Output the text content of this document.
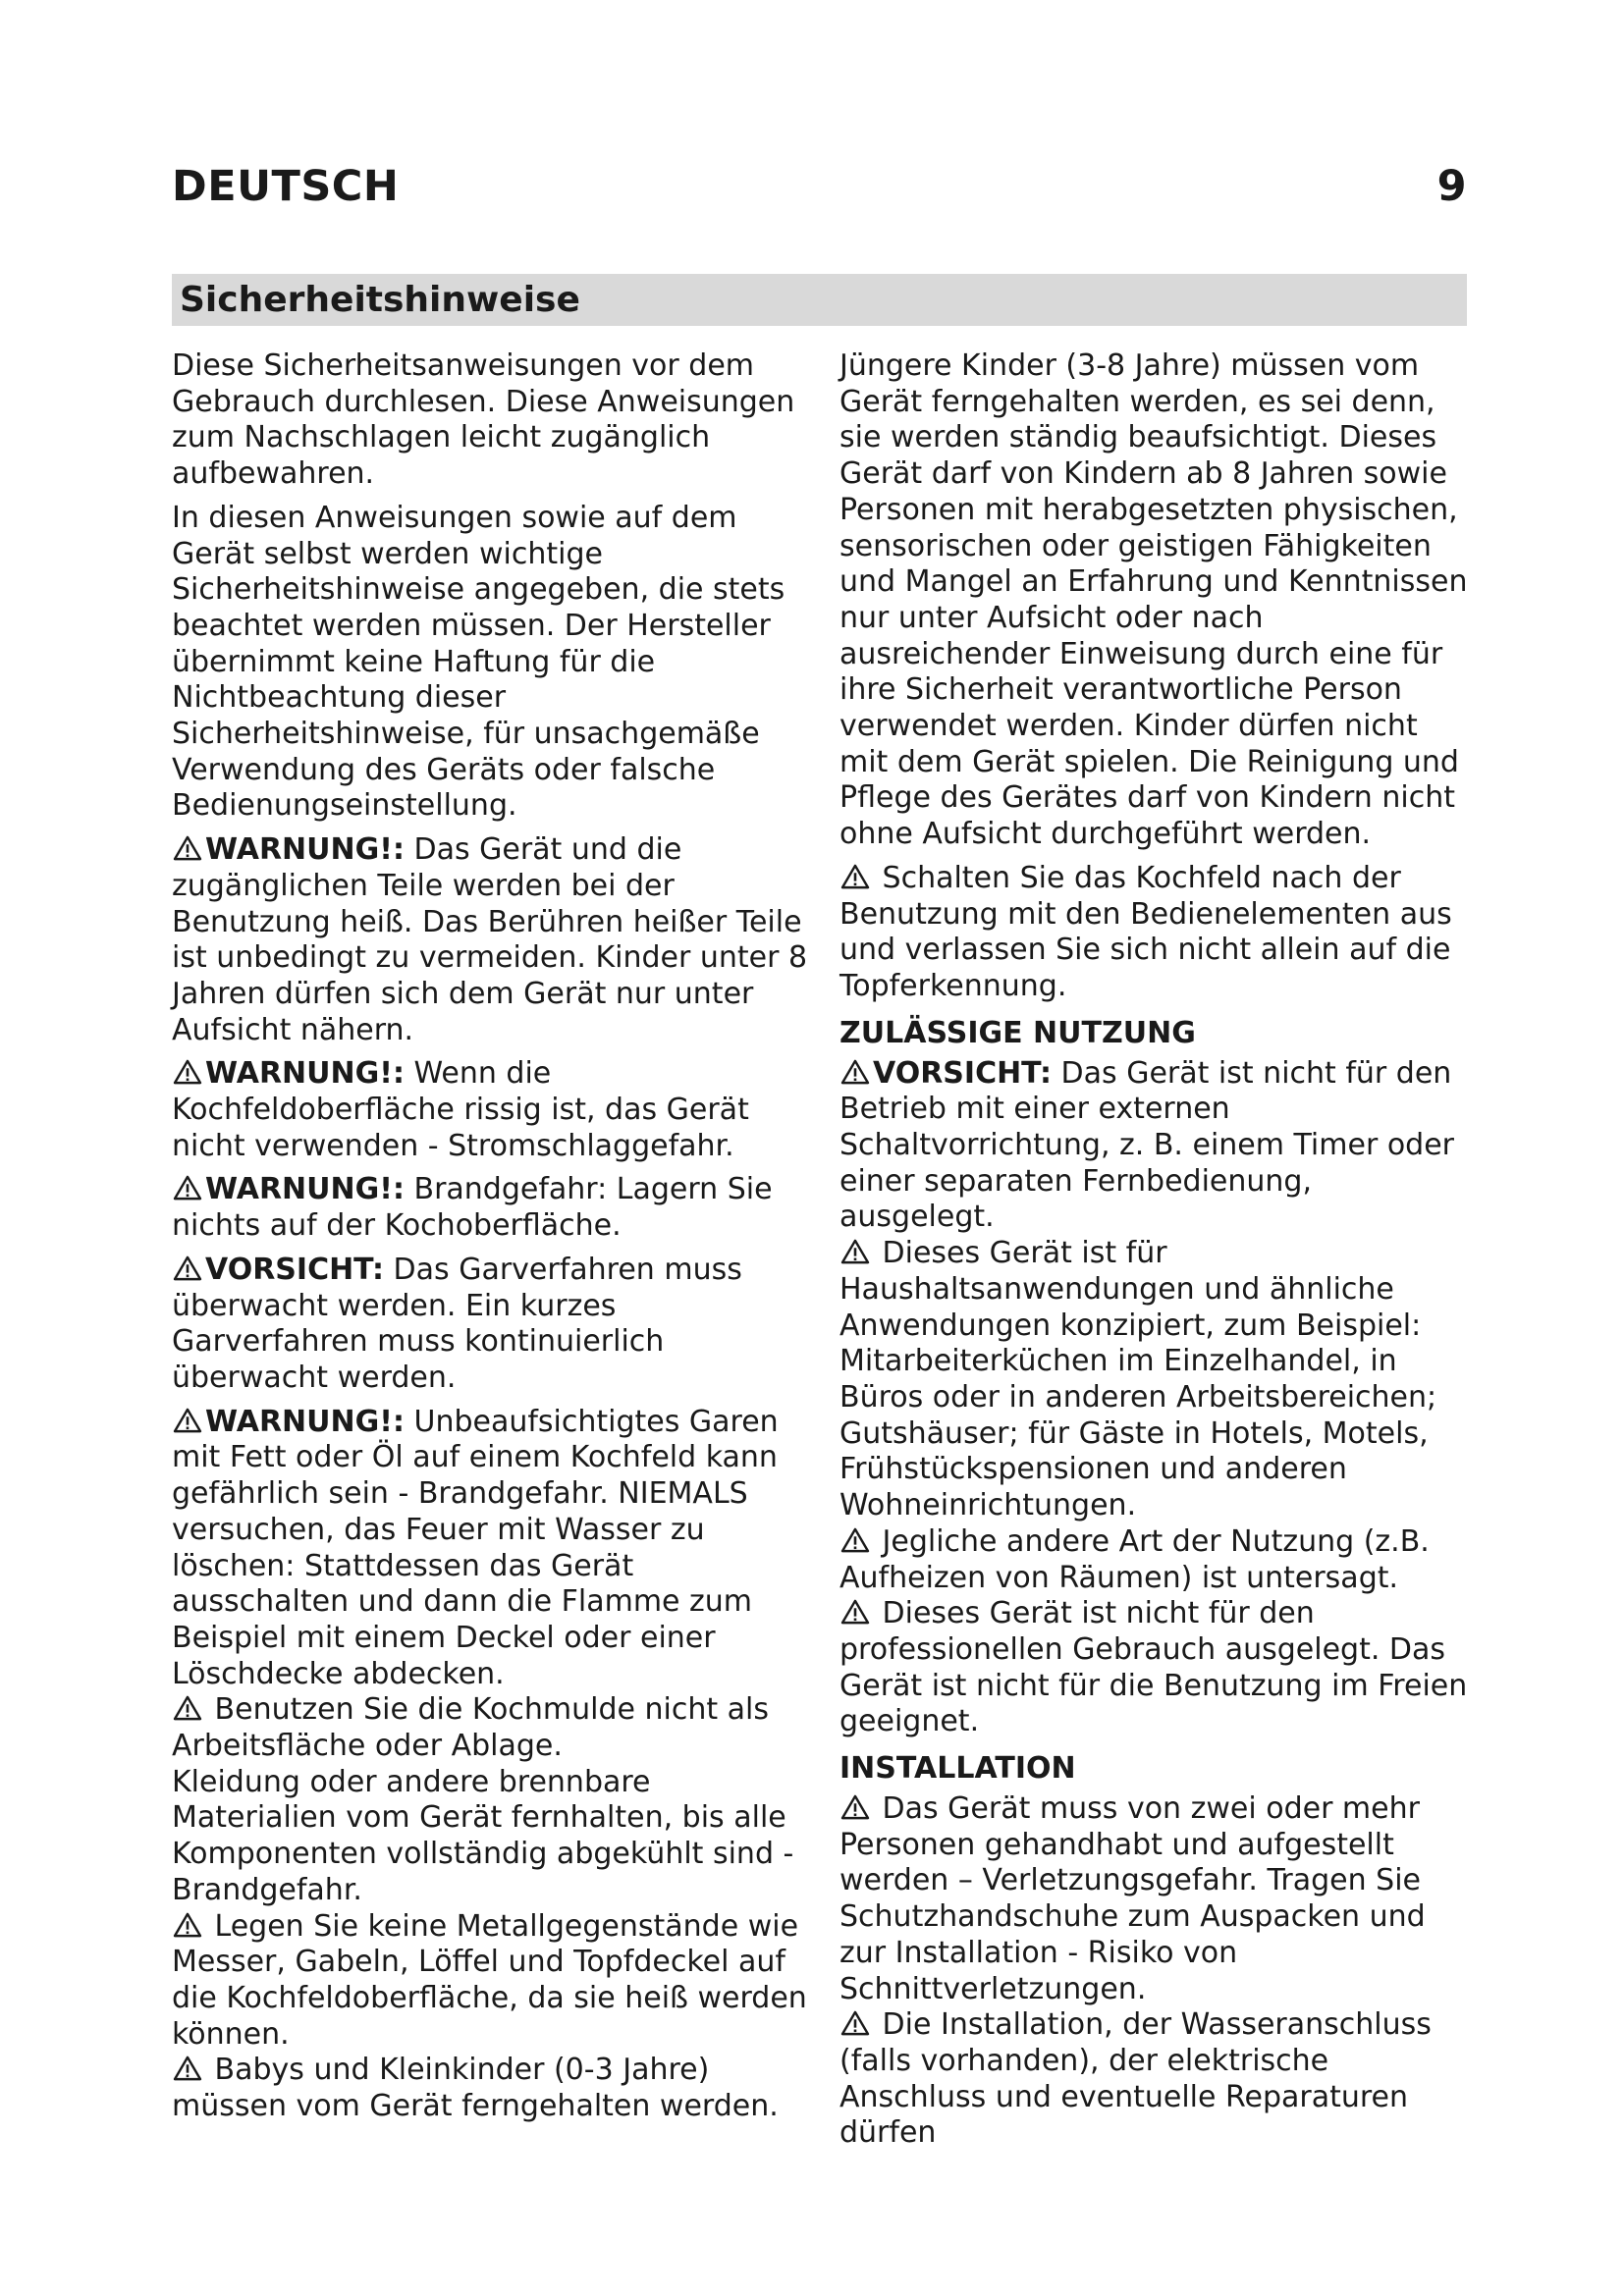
DEUTSCH	9
Sicherheitshinweise

Diese Sicherheitsanweisungen vor dem Gebrauch durchlesen. Diese Anweisungen zum Nachschlagen leicht zugänglich aufbewahren.

In diesen Anweisungen sowie auf dem Gerät selbst werden wichtige Sicherheitshinweise angegeben, die stets beachtet werden müssen. Der Hersteller übernimmt keine Haftung für die Nichtbeachtung dieser Sicherheitshinweise, für unsachgemäße Verwendung des Geräts oder falsche Bedienungseinstellung.

WARNUNG!: Das Gerät und die zugänglichen Teile werden bei der Benutzung heiß. Das Berühren heißer Teile ist unbedingt zu vermeiden. Kinder unter 8 Jahren dürfen sich dem Gerät nur unter Aufsicht nähern.

WARNUNG!: Wenn die Kochfeldoberfläche rissig ist, das Gerät nicht verwenden - Stromschlaggefahr.

WARNUNG!: Brandgefahr: Lagern Sie nichts auf der Kochoberfläche.

VORSICHT: Das Garverfahren muss überwacht werden. Ein kurzes Garverfahren muss kontinuierlich überwacht werden.

WARNUNG!: Unbeaufsichtigtes Garen mit Fett oder Öl auf einem Kochfeld kann gefährlich sein - Brandgefahr. NIEMALS versuchen, das Feuer mit Wasser zu löschen: Stattdessen das Gerät ausschalten und dann die Flamme zum Beispiel mit einem Deckel oder einer Löschdecke abdecken.

Benutzen Sie die Kochmulde nicht als Arbeitsfläche oder Ablage.

Kleidung oder andere brennbare Materialien vom Gerät fernhalten, bis alle Komponenten vollständig abgekühlt sind - Brandgefahr.

Legen Sie keine Metallgegenstände wie Messer, Gabeln, Löffel und Topfdeckel auf die Kochfeldoberfläche, da sie heiß werden können.

Babys und Kleinkinder (0-3 Jahre) müssen vom Gerät ferngehalten werden.

Jüngere Kinder (3-8 Jahre) müssen vom Gerät ferngehalten werden, es sei denn, sie werden ständig beaufsichtigt. Dieses Gerät darf von Kindern ab 8 Jahren sowie Personen mit herabgesetzten physischen, sensorischen oder geistigen Fähigkeiten und Mangel an Erfahrung und Kenntnissen nur unter Aufsicht oder nach ausreichender Einweisung durch eine für ihre Sicherheit verantwortliche Person verwendet werden. Kinder dürfen nicht mit dem Gerät spielen. Die Reinigung und Pflege des Gerätes darf von Kindern nicht ohne Aufsicht durchgeführt werden.

Schalten Sie das Kochfeld nach der Benutzung mit den Bedienelementen aus und verlassen Sie sich nicht allein auf die Topferkennung.

ZULÄSSIGE NUTZUNG

VORSICHT: Das Gerät ist nicht für den Betrieb mit einer externen Schaltvorrichtung, z. B. einem Timer oder einer separaten Fernbedienung, ausgelegt.

Dieses Gerät ist für Haushaltsanwendungen und ähnliche Anwendungen konzipiert, zum Beispiel: Mitarbeiterküchen im Einzelhandel, in Büros oder in anderen Arbeitsbereichen; Gutshäuser; für Gäste in Hotels, Motels, Frühstückspensionen und anderen Wohneinrichtungen.

Jegliche andere Art der Nutzung (z.B. Aufheizen von Räumen) ist untersagt.

Dieses Gerät ist nicht für den professionellen Gebrauch ausgelegt. Das Gerät ist nicht für die Benutzung im Freien geeignet.

INSTALLATION

Das Gerät muss von zwei oder mehr Personen gehandhabt und aufgestellt werden – Verletzungsgefahr. Tragen Sie Schutzhandschuhe zum Auspacken und zur Installation - Risiko von Schnittverletzungen.

Die Installation, der Wasseranschluss (falls vorhanden), der elektrische Anschluss und eventuelle Reparaturen dürfen
